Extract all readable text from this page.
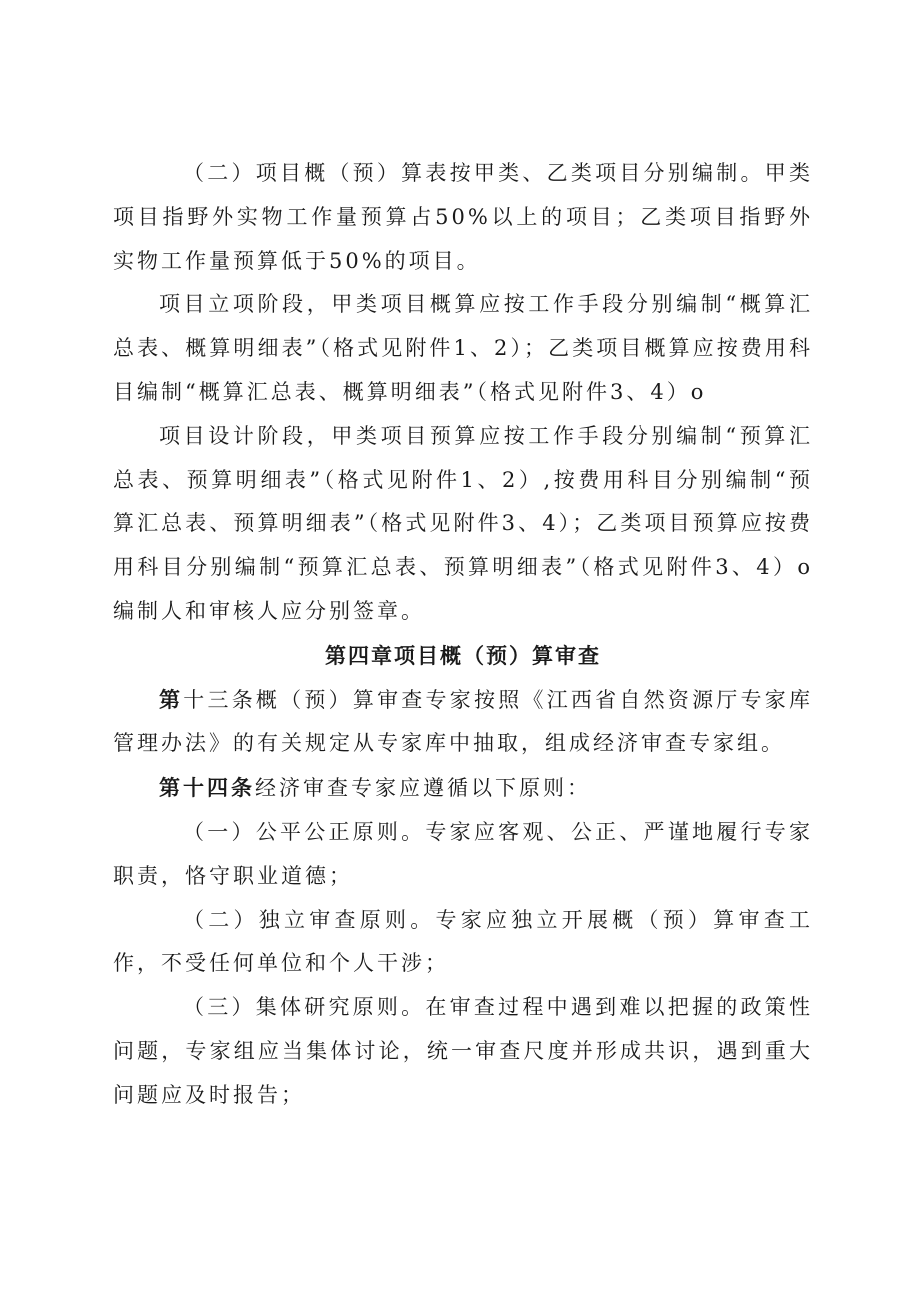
（二）项目概（预）算表按甲类、乙类项目分别编制。甲类项目指野外实物工作量预算占50%以上的项目；乙类项目指野外实物工作量预算低于50%的项目。

项目立项阶段，甲类项目概算应按工作手段分别编制“概算汇总表、概算明细表”（格式见附件1、2）；乙类项目概算应按费用科目编制“概算汇总表、概算明细表”（格式见附件3、4）o

项目设计阶段，甲类项目预算应按工作手段分别编制“预算汇总表、预算明细表”（格式见附件1、2）,按费用科目分别编制“预算汇总表、预算明细表”（格式见附件3、4）；乙类项目预算应按费用科目分别编制“预算汇总表、预算明细表”（格式见附件3、4）o编制人和审核人应分别签章。

第四章项目概（预）算审查

第十三条概（预）算审查专家按照《江西省自然资源厅专家库管理办法》的有关规定从专家库中抽取，组成经济审查专家组。

第十四条经济审查专家应遵循以下原则：

（一）公平公正原则。专家应客观、公正、严谨地履行专家职责，恪守职业道德；

（二）独立审查原则。专家应独立开展概（预）算审查工作，不受任何单位和个人干涉；

（三）集体研究原则。在审查过程中遇到难以把握的政策性问题，专家组应当集体讨论，统一审查尺度并形成共识，遇到重大问题应及时报告；
